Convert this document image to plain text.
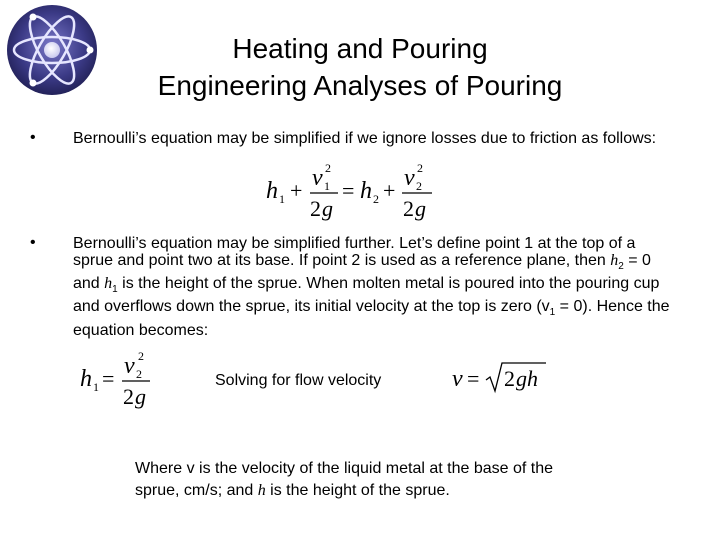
Heating and Pouring
Engineering Analyses of Pouring
• Bernoulli’s equation may be simplified if we ignore losses due to friction as follows:
h 1 + v 2
1
2 g
= h 2 + v 2
2
2 g
• Bernoulli’s equation may be simplified further. Let’s define point 1 at the top of a sprue and point two at its base. If point 2 is used as a reference plane, then $h_2 = 0$ and $h_1$ is the height of the sprue. When molten metal is poured into the pouring cup and overflows down the sprue, its initial velocity at the top is zero $(v_1 = 0)$. Hence the equation becomes:
h 1 = v 2
2
2 g
Solving for flow velocity	v = 2 gh
Where v is the velocity of the liquid metal at the base of the
sprue, cm/s; and h is the height of the sprue.
